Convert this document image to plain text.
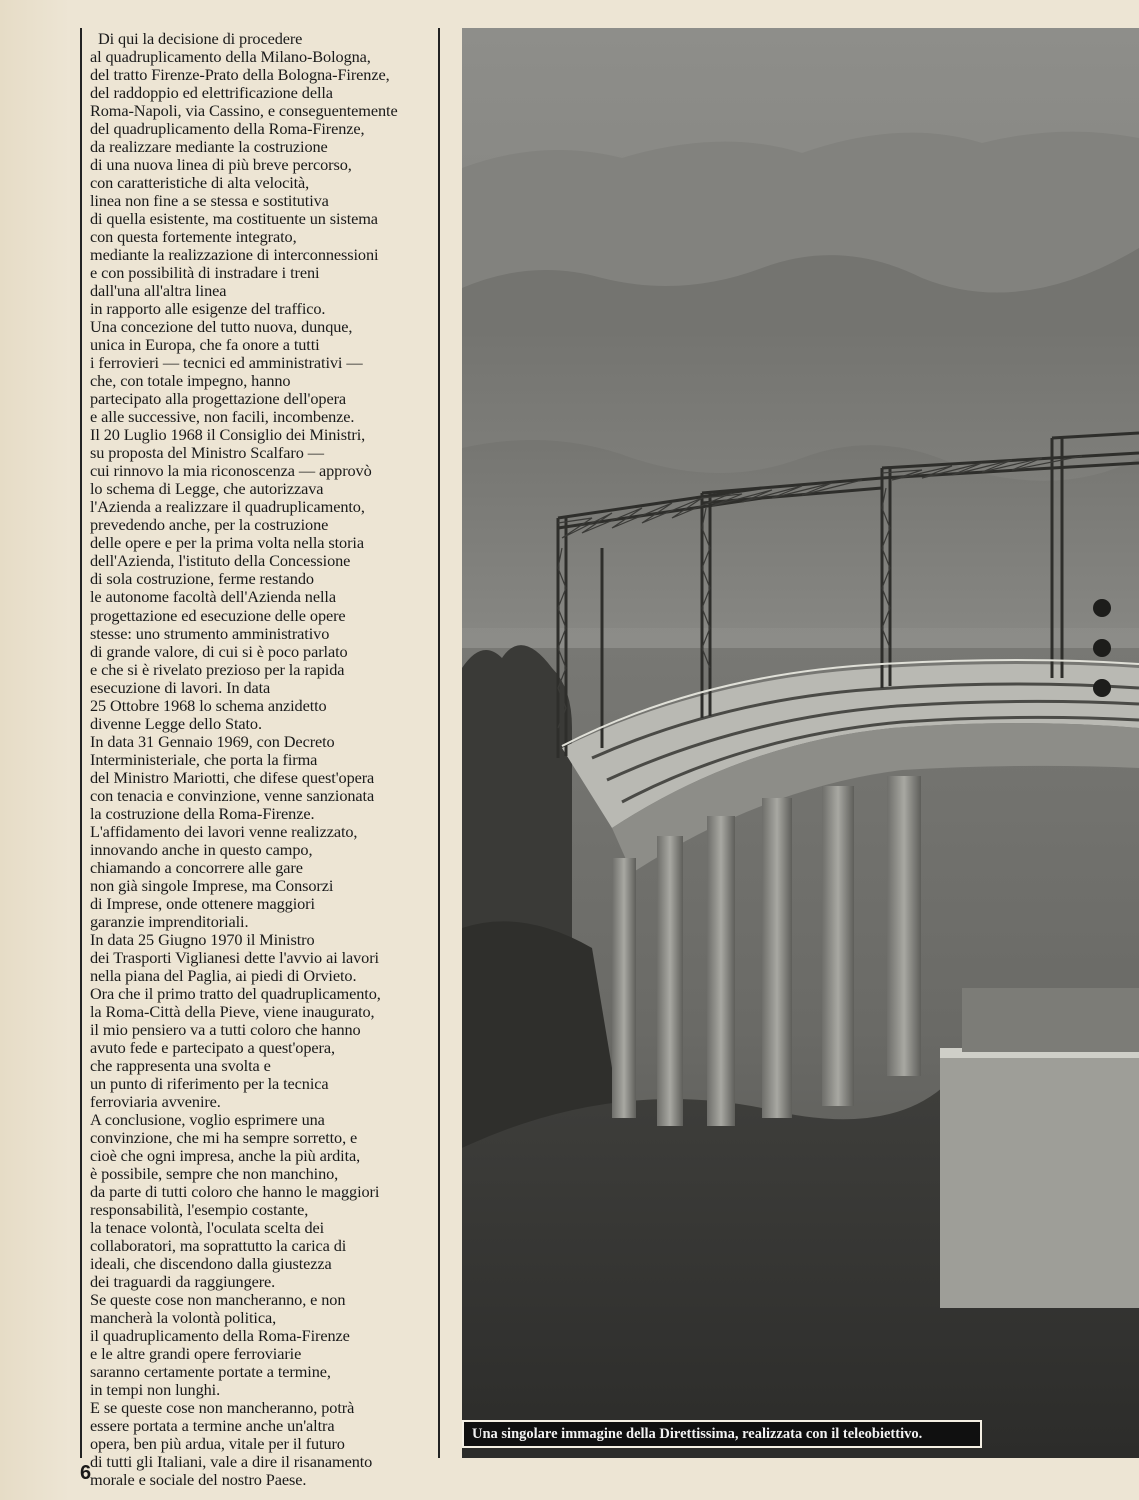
Di qui la decisione di procedere
al quadruplicamento della Milano-Bologna,
del tratto Firenze-Prato della Bologna-Firenze,
del raddoppio ed elettrificazione della
Roma-Napoli, via Cassino, e conseguentemente
del quadruplicamento della Roma-Firenze,
da realizzare mediante la costruzione
di una nuova linea di più breve percorso,
con caratteristiche di alta velocità,
linea non fine a se stessa e sostitutiva
di quella esistente, ma costituente un sistema
con questa fortemente integrato,
mediante la realizzazione di interconnessioni
e con possibilità di instradare i treni
dall'una all'altra linea
in rapporto alle esigenze del traffico.
Una concezione del tutto nuova, dunque,
unica in Europa, che fa onore a tutti
i ferrovieri — tecnici ed amministrativi —
che, con totale impegno, hanno
partecipato alla progettazione dell'opera
e alle successive, non facili, incombenze.
Il 20 Luglio 1968 il Consiglio dei Ministri,
su proposta del Ministro Scalfaro —
cui rinnovo la mia riconoscenza — approvò
lo schema di Legge, che autorizzava
l'Azienda a realizzare il quadruplicamento,
prevedendo anche, per la costruzione
delle opere e per la prima volta nella storia
dell'Azienda, l'istituto della Concessione
di sola costruzione, ferme restando
le autonome facoltà dell'Azienda nella
progettazione ed esecuzione delle opere
stesse: uno strumento amministrativo
di grande valore, di cui si è poco parlato
e che si è rivelato prezioso per la rapida
esecuzione di lavori. In data
25 Ottobre 1968 lo schema anzidetto
divenne Legge dello Stato.
In data 31 Gennaio 1969, con Decreto
Interministeriale, che porta la firma
del Ministro Mariotti, che difese quest'opera
con tenacia e convinzione, venne sanzionata
la costruzione della Roma-Firenze.
L'affidamento dei lavori venne realizzato,
innovando anche in questo campo,
chiamando a concorrere alle gare
non già singole Imprese, ma Consorzi
di Imprese, onde ottenere maggiori
garanzie imprenditoriali.
In data 25 Giugno 1970 il Ministro
dei Trasporti Viglianesi dette l'avvio ai lavori
nella piana del Paglia, ai piedi di Orvieto.
Ora che il primo tratto del quadruplicamento,
la Roma-Città della Pieve, viene inaugurato,
il mio pensiero va a tutti coloro che hanno
avuto fede e partecipato a quest'opera,
che rappresenta una svolta e
un punto di riferimento per la tecnica
ferroviaria avvenire.
A conclusione, voglio esprimere una
convinzione, che mi ha sempre sorretto, e
cioè che ogni impresa, anche la più ardita,
è possibile, sempre che non manchino,
da parte di tutti coloro che hanno le maggiori
responsabilità, l'esempio costante,
la tenace volontà, l'oculata scelta dei
collaboratori, ma soprattutto la carica di
ideali, che discendono dalla giustezza
dei traguardi da raggiungere.
Se queste cose non mancheranno, e non
mancherà la volontà politica,
il quadruplicamento della Roma-Firenze
e le altre grandi opere ferroviarie
saranno certamente portate a termine,
in tempi non lunghi.
E se queste cose non mancheranno, potrà
essere portata a termine anche un'altra
opera, ben più ardua, vitale per il futuro
di tutti gli Italiani, vale a dire il risanamento
morale e sociale del nostro Paese.
Una singolare immagine della Direttissima, realizzata con il teleobiettivo.
6
